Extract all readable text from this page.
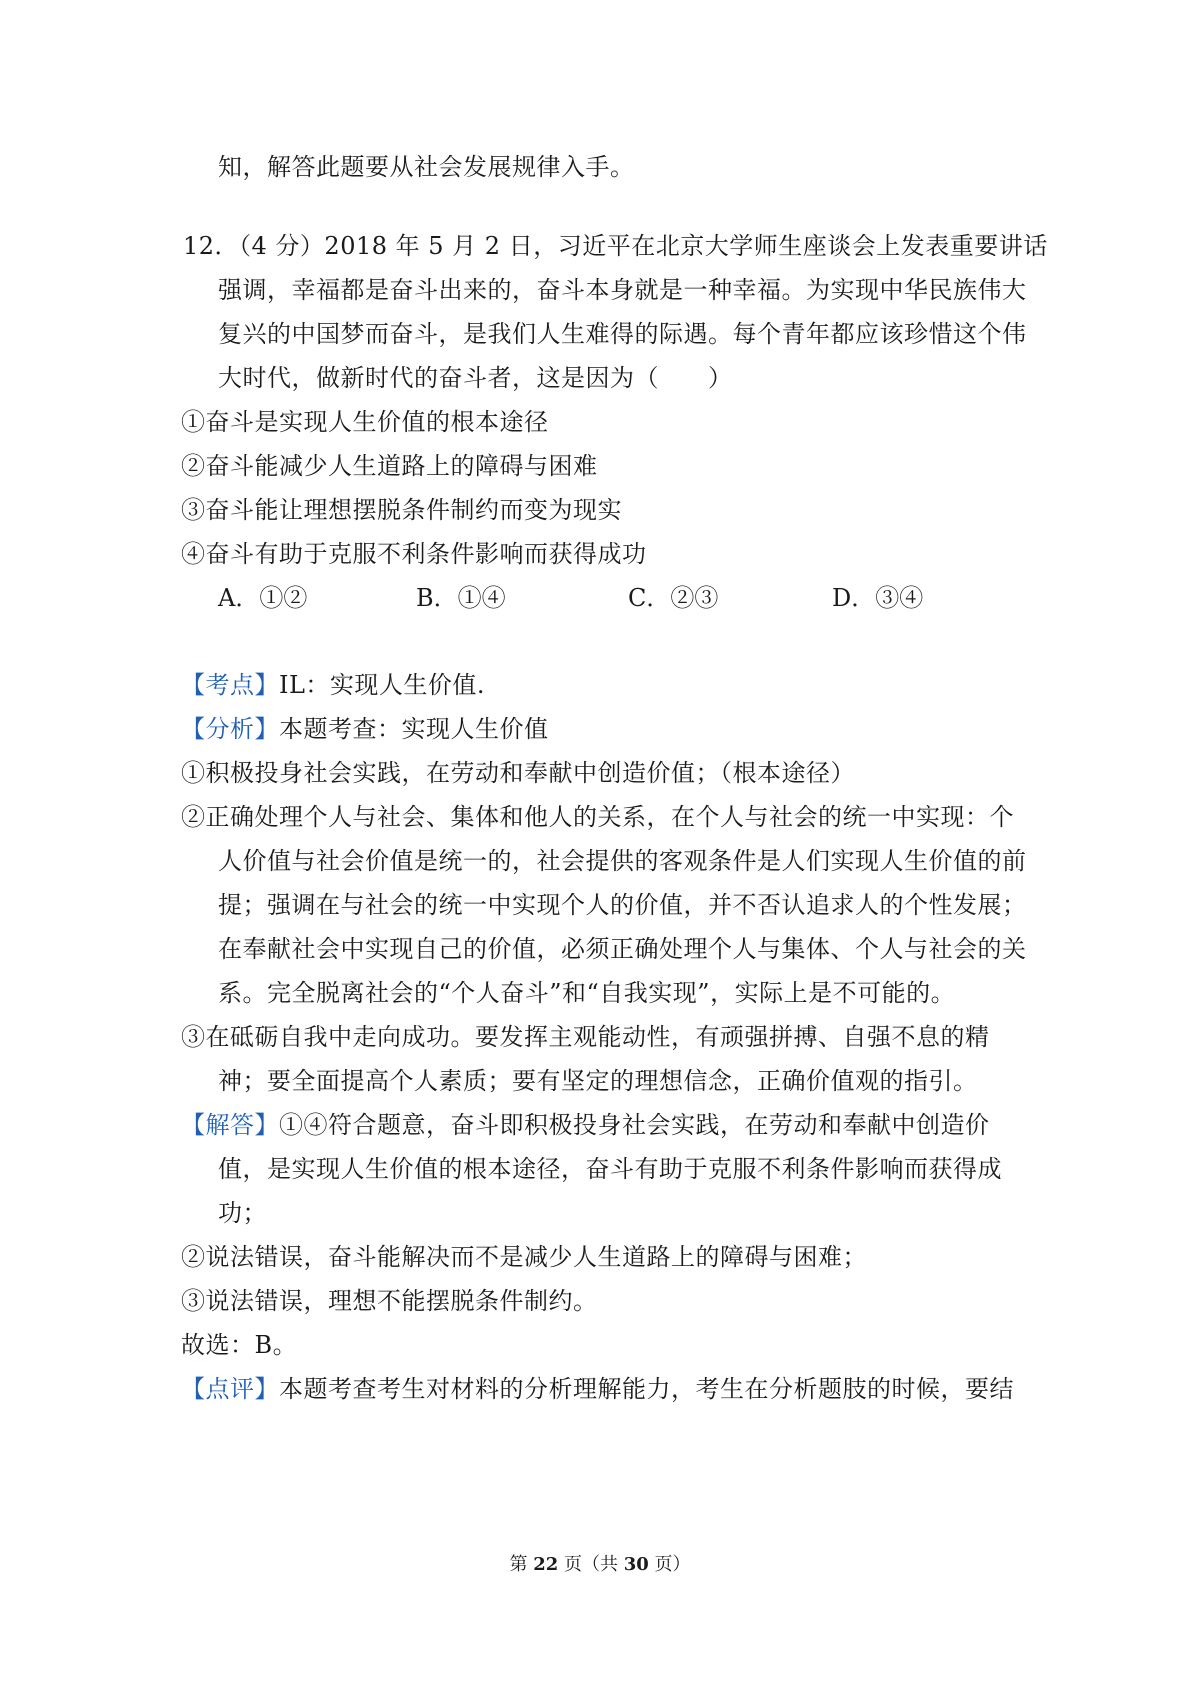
知，解答此题要从社会发展规律入手。
12．（4 分）2018 年 5 月 2 日，习近平在北京大学师生座谈会上发表重要讲话
强调，幸福都是奋斗出来的，奋斗本身就是一种幸福。为实现中华民族伟大
复兴的中国梦而奋斗，是我们人生难得的际遇。每个青年都应该珍惜这个伟
大时代，做新时代的奋斗者，这是因为（　　）
①奋斗是实现人生价值的根本途径
②奋斗能减少人生道路上的障碍与困难
③奋斗能让理想摆脱条件制约而变为现实
④奋斗有助于克服不利条件影响而获得成功
A．①②	B．①④	C．②③	D．③④
【考点】IL：实现人生价值.
【分析】本题考查：实现人生价值
①积极投身社会实践，在劳动和奉献中创造价值；（根本途径）
②正确处理个人与社会、集体和他人的关系，在个人与社会的统一中实现：个
人价值与社会价值是统一的，社会提供的客观条件是人们实现人生价值的前
提；强调在与社会的统一中实现个人的价值，并不否认追求人的个性发展；
在奉献社会中实现自己的价值，必须正确处理个人与集体、个人与社会的关
系。完全脱离社会的“个人奋斗”和“自我实现”，实际上是不可能的。
③在砥砺自我中走向成功。要发挥主观能动性，有顽强拼搏、自强不息的精
神；要全面提高个人素质；要有坚定的理想信念，正确价值观的指引。
【解答】①④符合题意，奋斗即积极投身社会实践，在劳动和奉献中创造价
值，是实现人生价值的根本途径，奋斗有助于克服不利条件影响而获得成
功；
②说法错误，奋斗能解决而不是减少人生道路上的障碍与困难；
③说法错误，理想不能摆脱条件制约。
故选：B。
【点评】本题考查考生对材料的分析理解能力，考生在分析题肢的时候，要结
第 22 页（共 30 页）
